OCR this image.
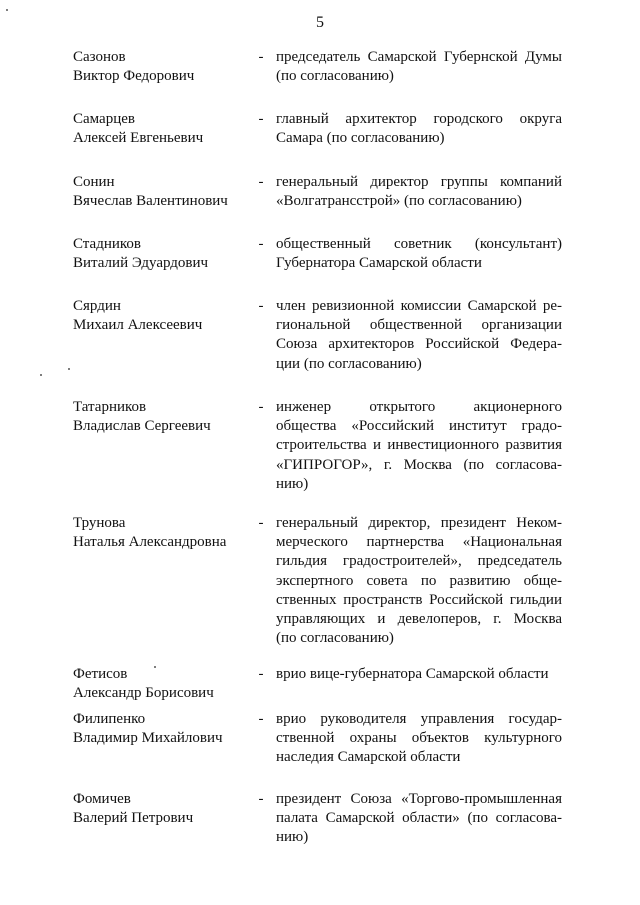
5
Сазонов
Виктор Федорович
- председатель Самарской Губернской Думы
(по согласованию)
Самарцев
Алексей Евгеньевич
- главный архитектор городского округа
Самара (по согласованию)
Сонин
Вячеслав Валентинович
- генеральный директор группы компаний
«Волгатрансстрой» (по согласованию)
Стадников
Виталий Эдуардович
- общественный советник (консультант)
Губернатора Самарской области
Сярдин
Михаил Алексеевич
- член ревизионной комиссии Самарской ре-
гиональной общественной организации
Союза архитекторов Российской Федера-
ции (по согласованию)
Татарников
Владислав Сергеевич
- инженер открытого акционерного
общества «Российский институт градо-
строительства и инвестиционного развития
«ГИПРОГОР», г. Москва (по согласова-
нию)
Трунова
Наталья Александровна
- генеральный директор, президент Неком-
мерческого партнерства «Национальная
гильдия градостроителей», председатель
экспертного совета по развитию обще-
ственных пространств Российской гильдии
управляющих и девелоперов, г. Москва
(по согласованию)
Фетисов
Александр Борисович
- врио вице-губернатора Самарской области
Филипенко
Владимир Михайлович
- врио руководителя управления государ-
ственной охраны объектов культурного
наследия Самарской области
Фомичев
Валерий Петрович
- президент Союза «Торгово-промышленная
палата Самарской области» (по согласова-
нию)
